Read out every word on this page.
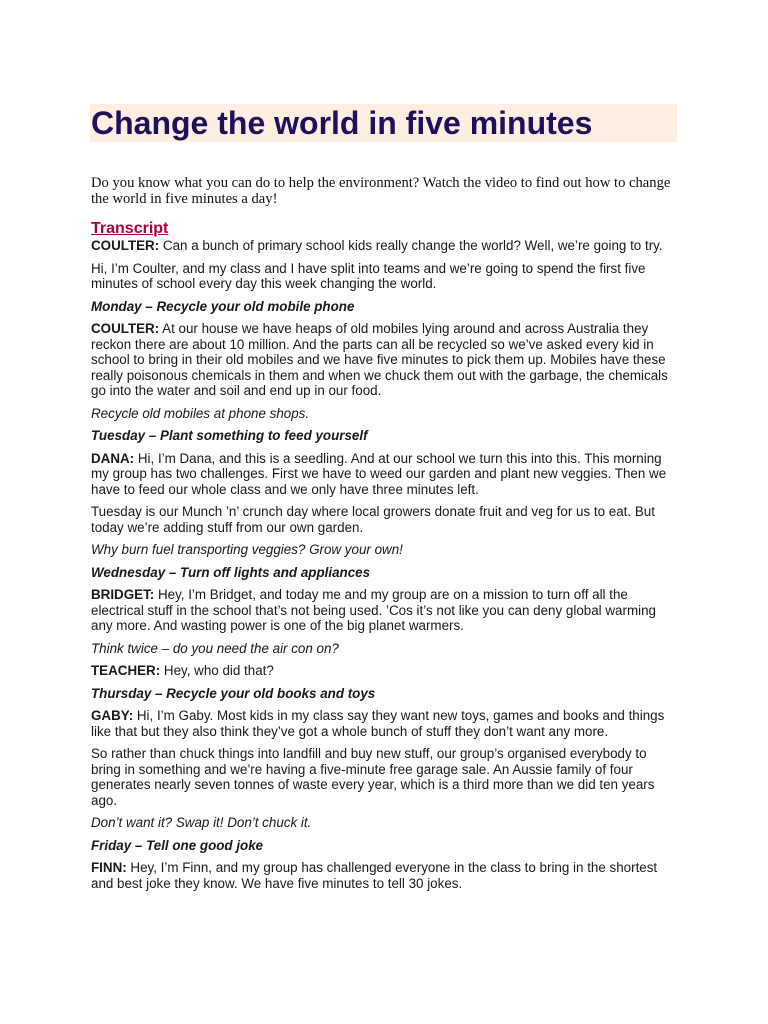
Change the world in five minutes

Do you know what you can do to help the environment? Watch the video to find out how to change the world in five minutes a day!

Transcript

COULTER: Can a bunch of primary school kids really change the world? Well, we’re going to try.

Hi, I’m Coulter, and my class and I have split into teams and we’re going to spend the first five minutes of school every day this week changing the world.

Monday – Recycle your old mobile phone

COULTER: At our house we have heaps of old mobiles lying around and across Australia they reckon there are about 10 million. And the parts can all be recycled so we’ve asked every kid in school to bring in their old mobiles and we have five minutes to pick them up. Mobiles have these really poisonous chemicals in them and when we chuck them out with the garbage, the chemicals go into the water and soil and end up in our food.

Recycle old mobiles at phone shops.

Tuesday – Plant something to feed yourself

DANA: Hi, I’m Dana, and this is a seedling. And at our school we turn this into this. This morning my group has two challenges. First we have to weed our garden and plant new veggies. Then we have to feed our whole class and we only have three minutes left.

Tuesday is our Munch ’n’ crunch day where local growers donate fruit and veg for us to eat. But today we’re adding stuff from our own garden.

Why burn fuel transporting veggies? Grow your own!

Wednesday – Turn off lights and appliances

BRIDGET: Hey, I’m Bridget, and today me and my group are on a mission to turn off all the electrical stuff in the school that’s not being used. ’Cos it’s not like you can deny global warming any more. And wasting power is one of the big planet warmers.

Think twice – do you need the air con on?

TEACHER: Hey, who did that?

Thursday – Recycle your old books and toys

GABY: Hi, I’m Gaby. Most kids in my class say they want new toys, games and books and things like that but they also think they’ve got a whole bunch of stuff they don’t want any more.

So rather than chuck things into landfill and buy new stuff, our group’s organised everybody to bring in something and we’re having a five-minute free garage sale. An Aussie family of four generates nearly seven tonnes of waste every year, which is a third more than we did ten years ago.

Don’t want it? Swap it! Don’t chuck it.

Friday – Tell one good joke

FINN: Hey, I’m Finn, and my group has challenged everyone in the class to bring in the shortest and best joke they know. We have five minutes to tell 30 jokes.
